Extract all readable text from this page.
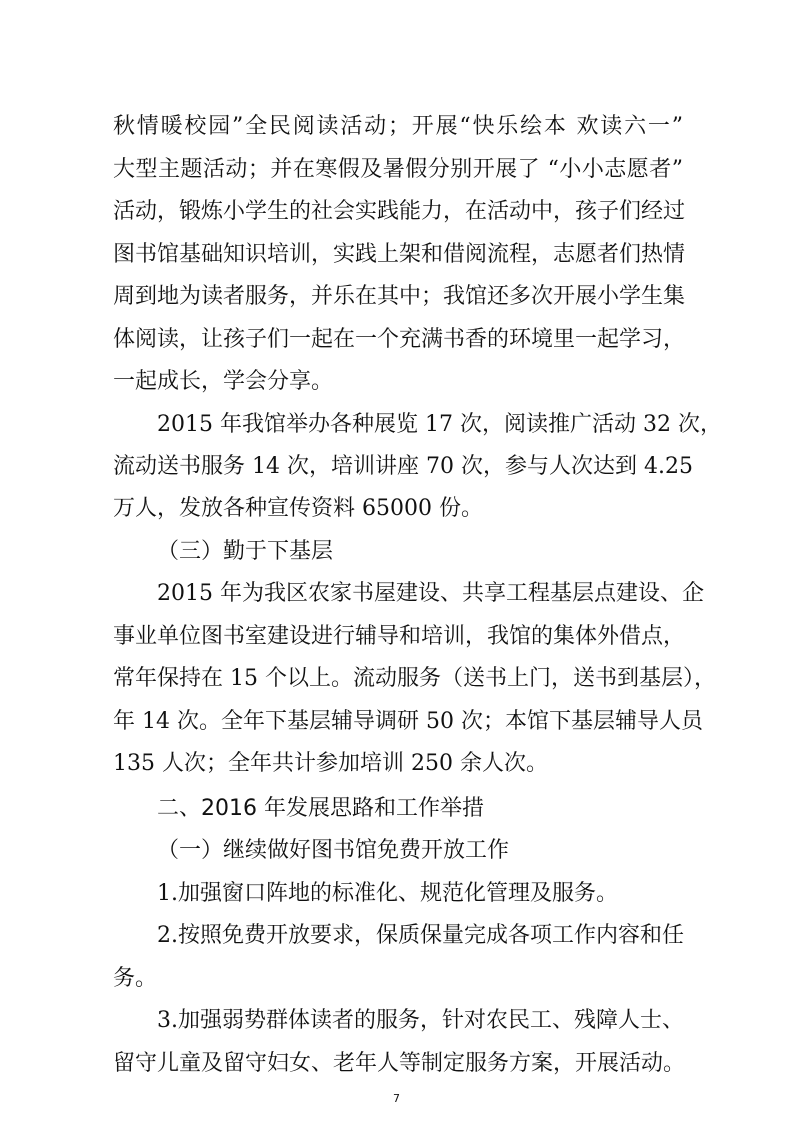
秋情暖校园”全民阅读活动；开展“快乐绘本 欢读六一”
大型主题活动；并在寒假及暑假分别开展了 “小小志愿者”
活动，锻炼小学生的社会实践能力，在活动中，孩子们经过
图书馆基础知识培训，实践上架和借阅流程，志愿者们热情
周到地为读者服务，并乐在其中；我馆还多次开展小学生集
体阅读，让孩子们一起在一个充满书香的环境里一起学习，
一起成长，学会分享。
2015 年我馆举办各种展览 17 次，阅读推广活动 32 次，
流动送书服务 14 次，培训讲座 70 次，参与人次达到 4.25
万人，发放各种宣传资料 65000 份。
（三）勤于下基层
2015 年为我区农家书屋建设、共享工程基层点建设、企
事业单位图书室建设进行辅导和培训，我馆的集体外借点，
常年保持在 15 个以上。流动服务（送书上门，送书到基层），
年 14 次。全年下基层辅导调研 50 次；本馆下基层辅导人员
135 人次；全年共计参加培训 250 余人次。
二、2016 年发展思路和工作举措
（一）继续做好图书馆免费开放工作
1.加强窗口阵地的标准化、规范化管理及服务。
2.按照免费开放要求，保质保量完成各项工作内容和任
务。
3.加强弱势群体读者的服务，针对农民工、残障人士、
留守儿童及留守妇女、老年人等制定服务方案，开展活动。
7
